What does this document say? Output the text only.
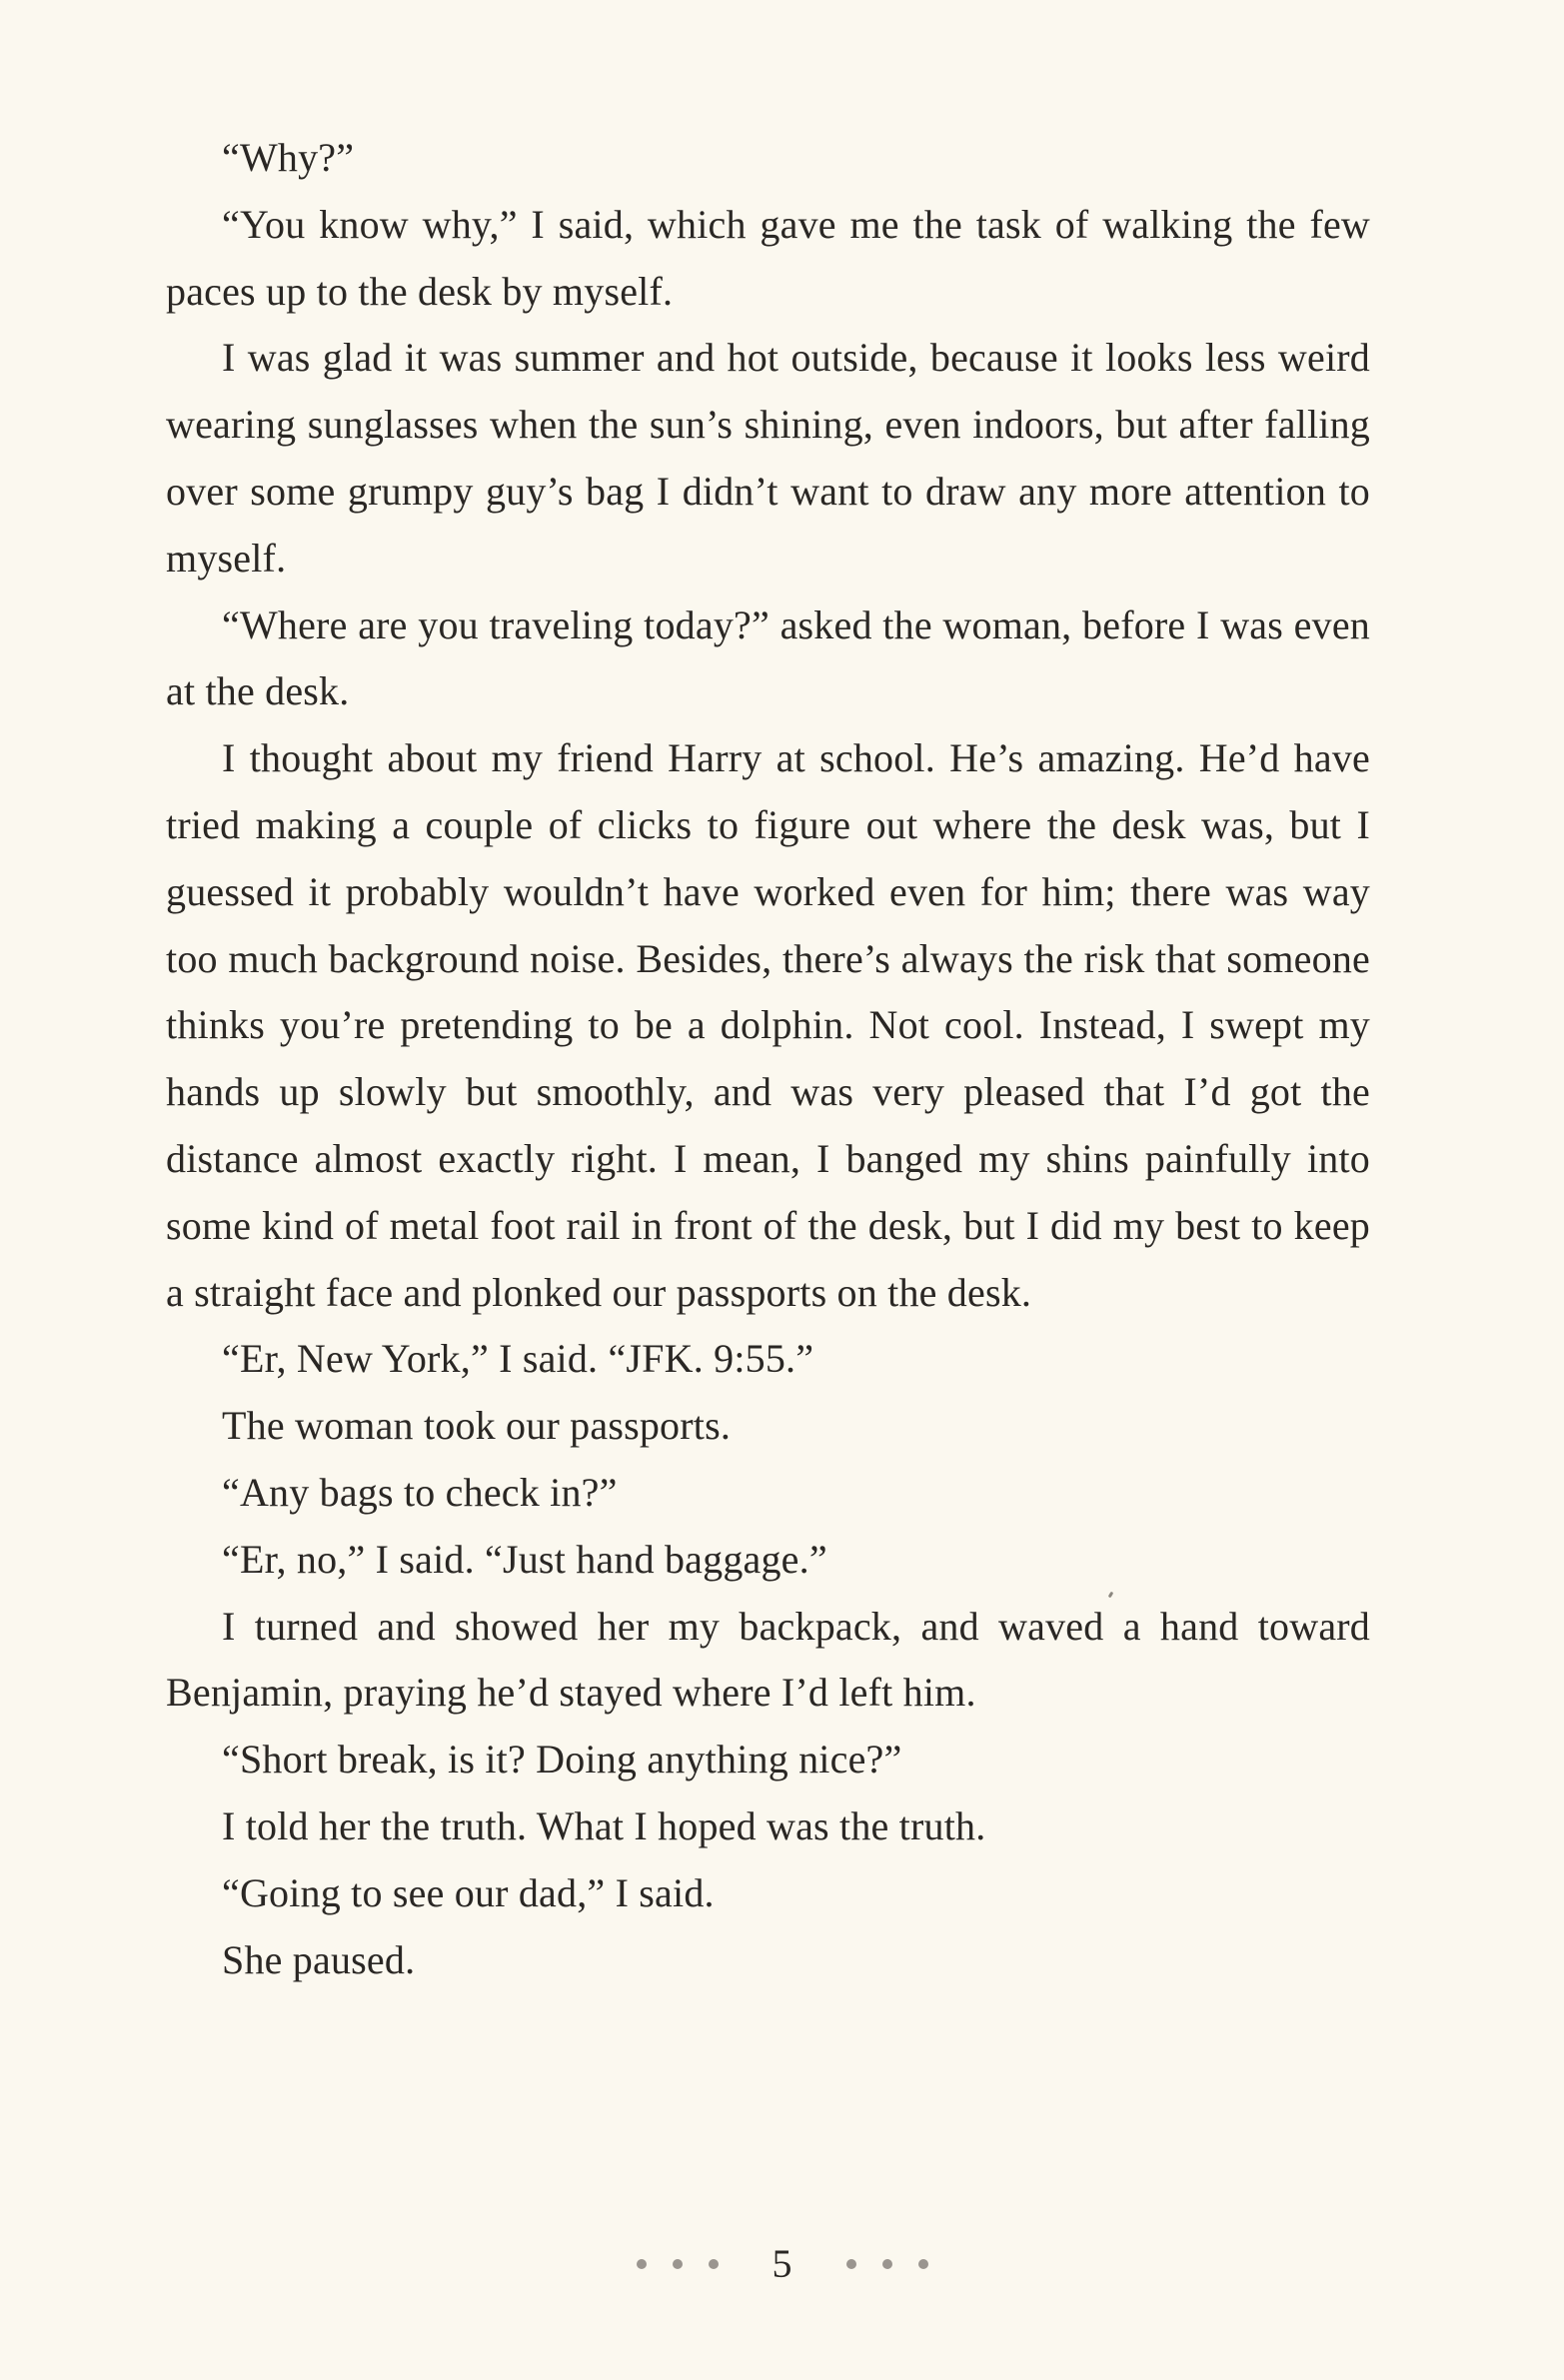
“Why?”

“You know why,” I said, which gave me the task of walking the few paces up to the desk by myself.

I was glad it was summer and hot outside, because it looks less weird wearing sunglasses when the sun’s shining, even indoors, but after falling over some grumpy guy’s bag I didn’t want to draw any more attention to myself.

“Where are you traveling today?” asked the woman, before I was even at the desk.

I thought about my friend Harry at school. He’s amazing. He’d have tried making a couple of clicks to figure out where the desk was, but I guessed it probably wouldn’t have worked even for him; there was way too much background noise. Besides, there’s always the risk that someone thinks you’re pretending to be a dolphin. Not cool. Instead, I swept my hands up slowly but smoothly, and was very pleased that I’d got the distance almost exactly right. I mean, I banged my shins painfully into some kind of metal foot rail in front of the desk, but I did my best to keep a straight face and plonked our passports on the desk.

“Er, New York,” I said. “JFK. 9:55.”

The woman took our passports.

“Any bags to check in?”

“Er, no,” I said. “Just hand baggage.”

I turned and showed her my backpack, and waved a hand toward Benjamin, praying he’d stayed where I’d left him.

“Short break, is it? Doing anything nice?”

I told her the truth. What I hoped was the truth.

“Going to see our dad,” I said.

She paused.

5
